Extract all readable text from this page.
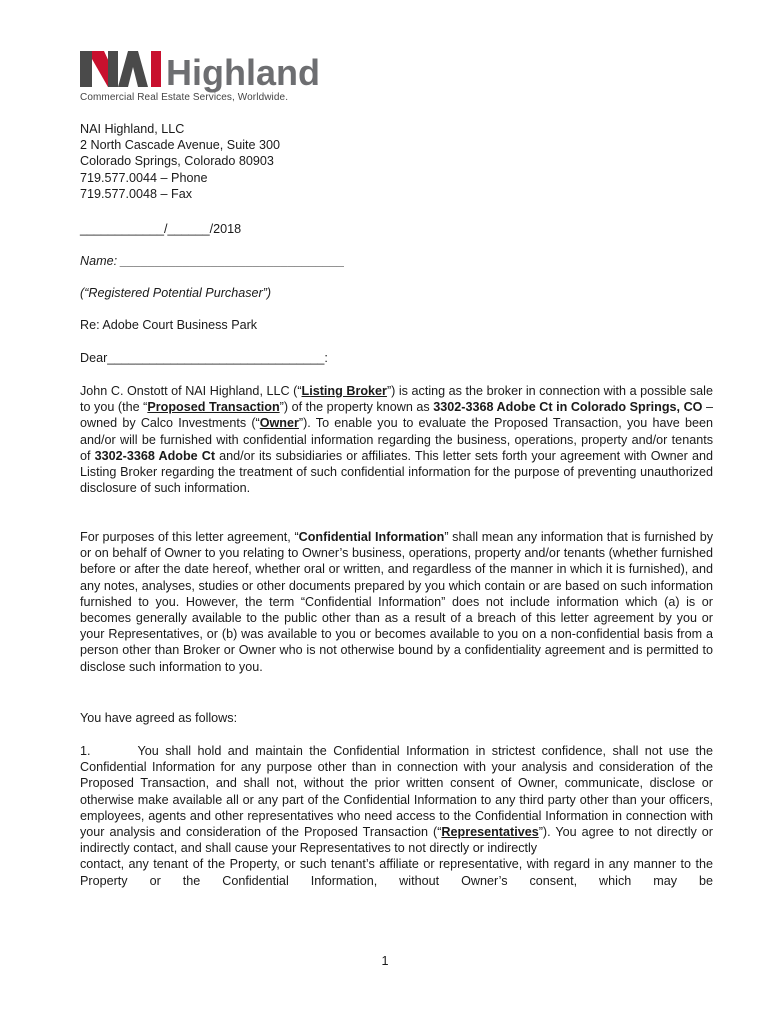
Highland
Commercial Real Estate Services, Worldwide.
NAI Highland, LLC
2 North Cascade Avenue, Suite 300
Colorado Springs, Colorado 80903
719.577.0044 – Phone
719.577.0048 – Fax
____________/______/2018
Name: ________________________________
(“Registered Potential Purchaser”)
Re: Adobe Court Business Park
Dear_______________________________:
John C. Onstott of NAI Highland, LLC (“Listing Broker”) is acting as the broker in connection with a possible sale to you (the “Proposed Transaction”) of the property known as 3302-3368 Adobe Ct in Colorado Springs, CO – owned by Calco Investments (“Owner”). To enable you to evaluate the Proposed Transaction, you have been and/or will be furnished with confidential information regarding the business, operations, property and/or tenants of 3302-3368 Adobe Ct and/or its subsidiaries or affiliates. This letter sets forth your agreement with Owner and Listing Broker regarding the treatment of such confidential information for the purpose of preventing unauthorized disclosure of such information.
For purposes of this letter agreement, “Confidential Information” shall mean any information that is furnished by or on behalf of Owner to you relating to Owner’s business, operations, property and/or tenants (whether furnished before or after the date hereof, whether oral or written, and regardless of the manner in which it is furnished), and any notes, analyses, studies or other documents prepared by you which contain or are based on such information furnished to you. However, the term “Confidential Information” does not include information which (a) is or becomes generally available to the public other than as a result of a breach of this letter agreement by you or your Representatives, or (b) was available to you or becomes available to you on a non-confidential basis from a person other than Broker or Owner who is not otherwise bound by a confidentiality agreement and is permitted to disclose such information to you.
You have agreed as follows:
1.	You shall hold and maintain the Confidential Information in strictest confidence, shall not use the Confidential Information for any purpose other than in connection with your analysis and consideration of the Proposed Transaction, and shall not, without the prior written consent of Owner, communicate, disclose or otherwise make available all or any part of the Confidential Information to any third party other than your officers, employees, agents and other representatives who need access to the Confidential Information in connection with your analysis and consideration of the Proposed Transaction (“Representatives”). You agree to not directly or indirectly contact, and shall cause your Representatives to not directly or indirectly

contact, any tenant of the Property, or such tenant’s affiliate or representative, with regard in any manner to the Property or the Confidential Information, without Owner’s consent, which may be
1
